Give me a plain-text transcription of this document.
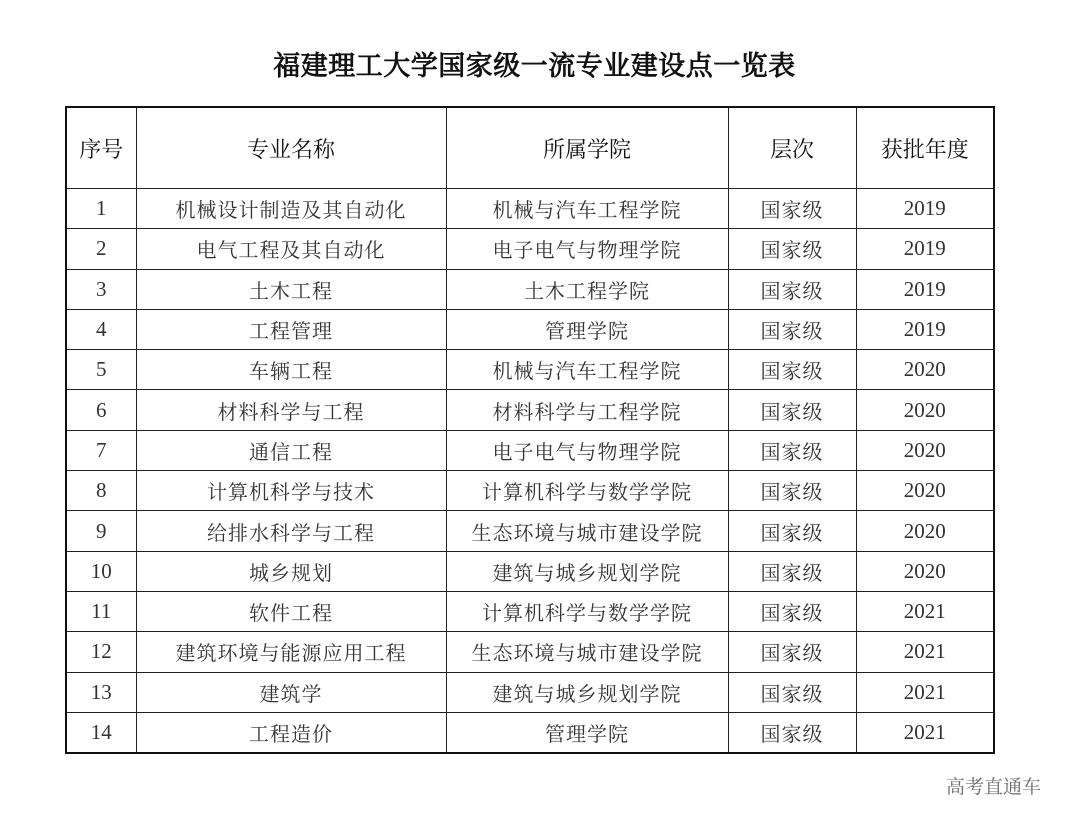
福建理工大学国家级一流专业建设点一览表
序号	专业名称	所属学院	层次	获批年度
1	机械设计制造及其自动化	机械与汽车工程学院	国家级	2019
2	电气工程及其自动化	电子电气与物理学院	国家级	2019
3	土木工程	土木工程学院	国家级	2019
4	工程管理	管理学院	国家级	2019
5	车辆工程	机械与汽车工程学院	国家级	2020
6	材料科学与工程	材料科学与工程学院	国家级	2020
7	通信工程	电子电气与物理学院	国家级	2020
8	计算机科学与技术	计算机科学与数学学院	国家级	2020
9	给排水科学与工程	生态环境与城市建设学院	国家级	2020
10	城乡规划	建筑与城乡规划学院	国家级	2020
11	软件工程	计算机科学与数学学院	国家级	2021
12	建筑环境与能源应用工程	生态环境与城市建设学院	国家级	2021
13	建筑学	建筑与城乡规划学院	国家级	2021
14	工程造价	管理学院	国家级	2021
高考直通车
